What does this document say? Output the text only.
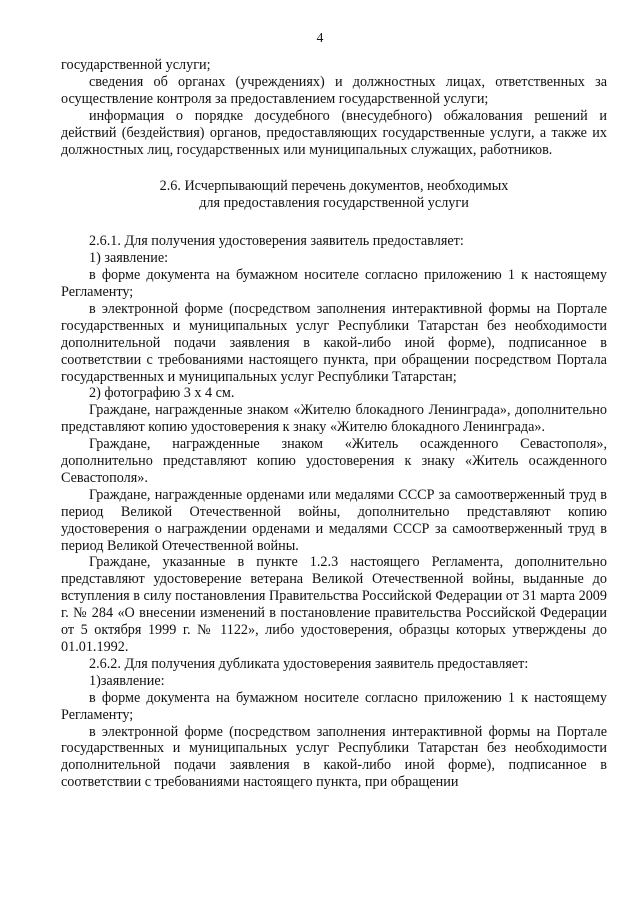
4

государственной услуги;

сведения об органах (учреждениях) и должностных лицах, ответственных за осуществление контроля за предоставлением государственной услуги;

информация о порядке досудебного (внесудебного) обжалования решений и действий (бездействия) органов, предоставляющих государственные услуги, а также их должностных лиц, государственных или муниципальных служащих, работников.

2.6. Исчерпывающий перечень документов, необходимых
для предоставления государственной услуги

2.6.1. Для получения удостоверения заявитель предоставляет:

1) заявление:

в форме документа на бумажном носителе согласно приложению 1 к настоящему Регламенту;

в электронной форме (посредством заполнения интерактивной формы на Портале государственных и муниципальных услуг Республики Татарстан без необходимости дополнительной подачи заявления в какой-либо иной форме), подписанное в соответствии с требованиями настоящего пункта, при обращении посредством Портала государственных и муниципальных услуг Республики Татарстан;

2) фотографию 3 х 4 см.

Граждане, награжденные знаком «Жителю блокадного Ленинграда», дополнительно представляют копию удостоверения к знаку «Жителю блокадного Ленинграда».

Граждане, награжденные знаком «Житель осажденного Севастополя», дополнительно представляют копию удостоверения к знаку «Житель осажденного Севастополя».

Граждане, награжденные орденами или медалями СССР за самоотверженный труд в период Великой Отечественной войны, дополнительно представляют копию удостоверения о награждении орденами и медалями СССР за самоотверженный труд в период Великой Отечественной войны.

Граждане, указанные в пункте 1.2.3 настоящего Регламента, дополнительно представляют удостоверение ветерана Великой Отечественной войны, выданные до вступления в силу постановления Правительства Российской Федерации от 31 марта 2009 г. № 284 «О внесении изменений в постановление правительства Российской Федерации от 5 октября 1999 г. № 1122», либо удостоверения, образцы которых утверждены до 01.01.1992.

2.6.2. Для получения дубликата удостоверения заявитель предоставляет:

1)заявление:

в форме документа на бумажном носителе согласно приложению 1 к настоящему Регламенту;

в электронной форме (посредством заполнения интерактивной формы на Портале государственных и муниципальных услуг Республики Татарстан без необходимости дополнительной подачи заявления в какой-либо иной форме), подписанное в соответствии с требованиями настоящего пункта, при обращении
